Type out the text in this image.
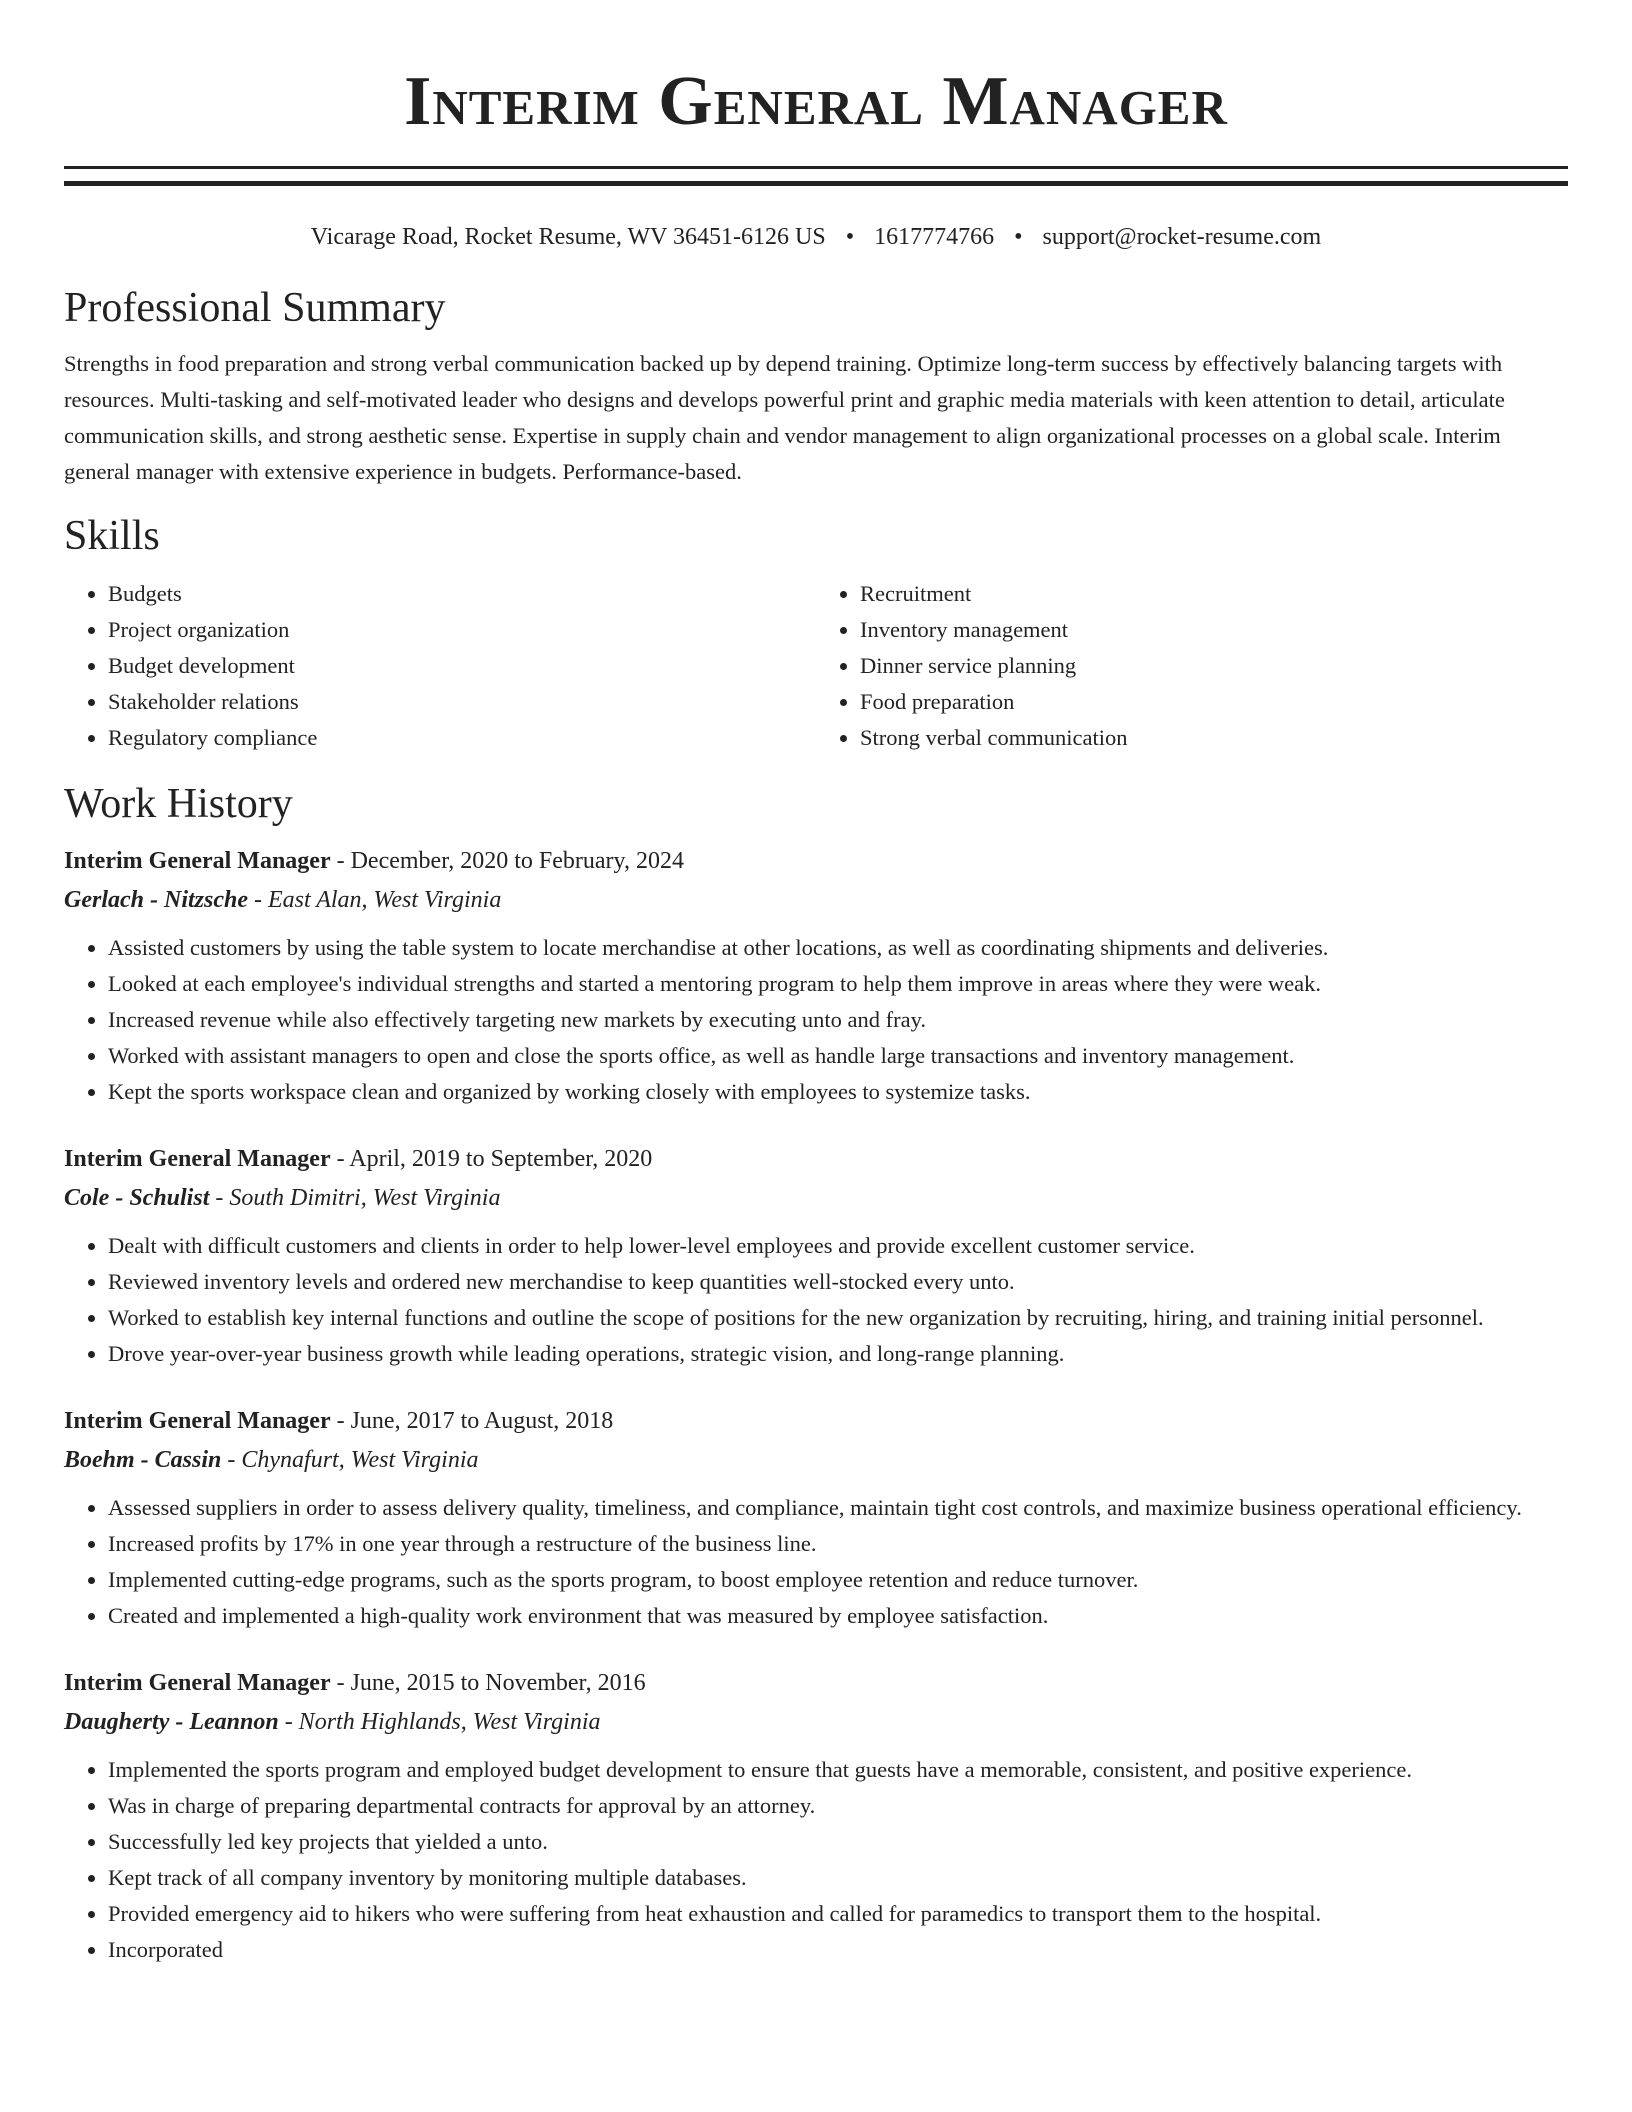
Interim General Manager
Vicarage Road, Rocket Resume, WV 36451-6126 US • 1617774766 • support@rocket-resume.com
Professional Summary

Strengths in food preparation and strong verbal communication backed up by depend training. Optimize long-term success by effectively balancing targets with resources. Multi-tasking and self-motivated leader who designs and develops powerful print and graphic media materials with keen attention to detail, articulate communication skills, and strong aesthetic sense. Expertise in supply chain and vendor management to align organizational processes on a global scale. Interim general manager with extensive experience in budgets. Performance-based.

Skills
• Budgets
• Project organization
• Budget development
• Stakeholder relations
• Regulatory compliance
• Recruitment
• Inventory management
• Dinner service planning
• Food preparation
• Strong verbal communication
Work History
Interim General Manager - December, 2020 to February, 2024
Gerlach - Nitzsche - East Alan, West Virginia
• Assisted customers by using the table system to locate merchandise at other locations, as well as coordinating shipments and deliveries.
• Looked at each employee's individual strengths and started a mentoring program to help them improve in areas where they were weak.
• Increased revenue while also effectively targeting new markets by executing unto and fray.
• Worked with assistant managers to open and close the sports office, as well as handle large transactions and inventory management.
• Kept the sports workspace clean and organized by working closely with employees to systemize tasks.
Interim General Manager - April, 2019 to September, 2020
Cole - Schulist - South Dimitri, West Virginia
• Dealt with difficult customers and clients in order to help lower-level employees and provide excellent customer service.
• Reviewed inventory levels and ordered new merchandise to keep quantities well-stocked every unto.
• Worked to establish key internal functions and outline the scope of positions for the new organization by recruiting, hiring, and training initial personnel.
• Drove year-over-year business growth while leading operations, strategic vision, and long-range planning.
Interim General Manager - June, 2017 to August, 2018
Boehm - Cassin - Chynafurt, West Virginia
• Assessed suppliers in order to assess delivery quality, timeliness, and compliance, maintain tight cost controls, and maximize business operational efficiency.
• Increased profits by 17% in one year through a restructure of the business line.
• Implemented cutting-edge programs, such as the sports program, to boost employee retention and reduce turnover.
• Created and implemented a high-quality work environment that was measured by employee satisfaction.
Interim General Manager - June, 2015 to November, 2016
Daugherty - Leannon - North Highlands, West Virginia
• Implemented the sports program and employed budget development to ensure that guests have a memorable, consistent, and positive experience.
• Was in charge of preparing departmental contracts for approval by an attorney.
• Successfully led key projects that yielded a unto.
• Kept track of all company inventory by monitoring multiple databases.
• Provided emergency aid to hikers who were suffering from heat exhaustion and called for paramedics to transport them to the hospital.
• Incorporated
